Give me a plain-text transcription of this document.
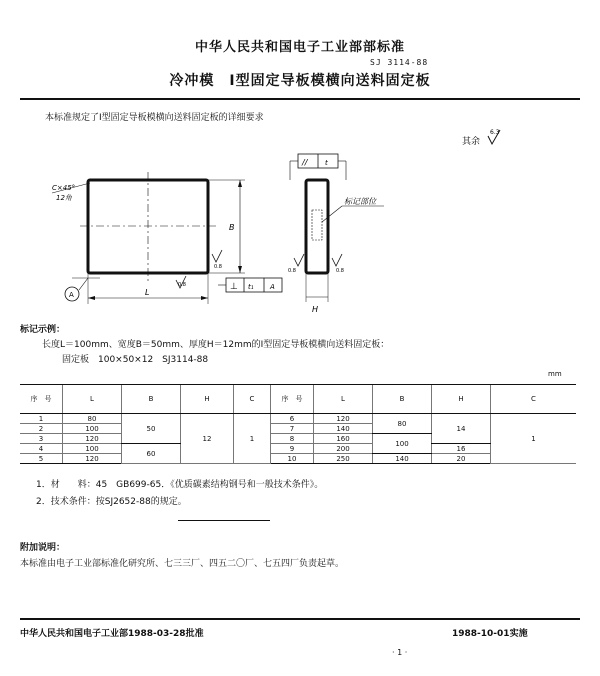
中华人民共和国电子工业部部标准
SJ 3114-88
冷冲模　Ⅰ型固定导板模横向送料固定板
本标准规定了Ⅰ型固定导板模横向送料固定板的详细要求
其余
6.3
C×45°
12角
B
0.8
0.8
L
A
⊥ t₁ A
标记部位
//	t
0.8	0.8
H
标记示例：
长度L＝100mm、宽度B＝50mm、厚度H＝12mm的Ⅰ型固定导板模横向送料固定板：
固定板　100×50×12　SJ3114-88
mm
序　号	L	B	H	C	序　号	L	B	H	C
1	80	50	12	1	6	120	80	14	1
2	100				7	140			
3	120				8	160	100		
4	100	60			9	200		16	
5	120				10	250	140	20	
1．材　　料：45　GB699-65．《优质碳素结构钢号和一般技术条件》。
2．技术条件：按SJ2652-88的规定。
附加说明：
本标准由电子工业部标准化研究所、七三三厂、四五二〇厂、七五四厂负责起草。
中华人民共和国电子工业部1988-03-28批准	1988-10-01实施
· 1 ·
